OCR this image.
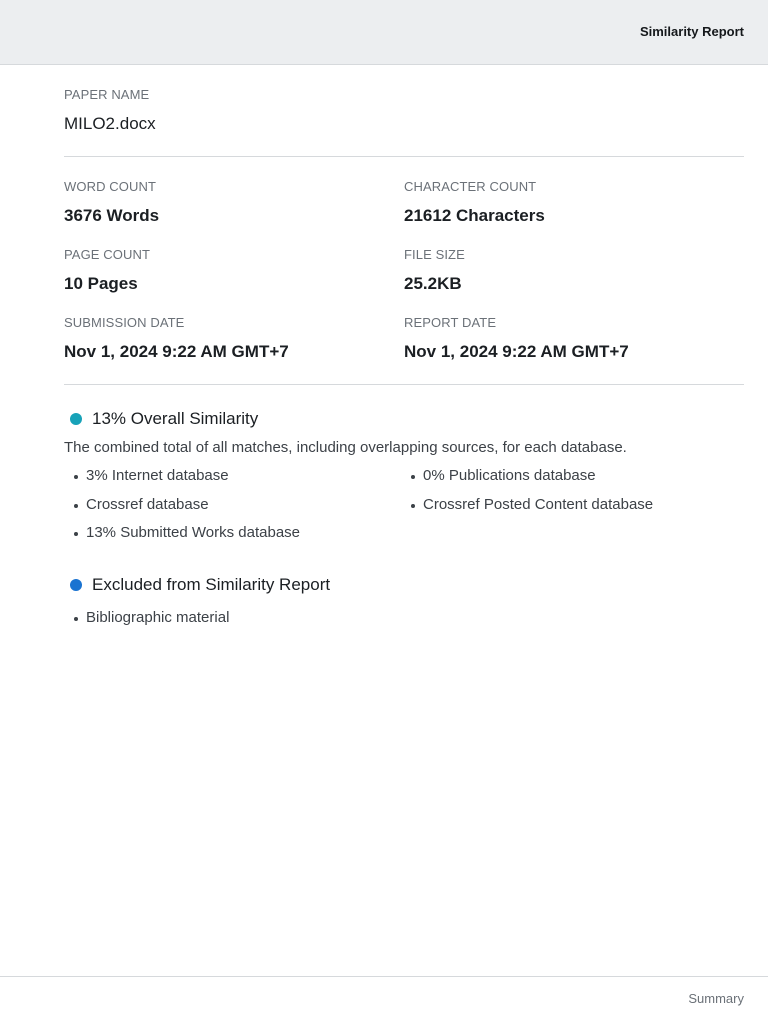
Similarity Report
PAPER NAME
MILO2.docx
WORD COUNT
3676 Words
CHARACTER COUNT
21612 Characters
PAGE COUNT
10 Pages
FILE SIZE
25.2KB
SUBMISSION DATE
Nov 1, 2024 9:22 AM GMT+7
REPORT DATE
Nov 1, 2024 9:22 AM GMT+7
13% Overall Similarity
The combined total of all matches, including overlapping sources, for each database.
3% Internet database
Crossref database
13% Submitted Works database
0% Publications database
Crossref Posted Content database
Excluded from Similarity Report
Bibliographic material
Summary
